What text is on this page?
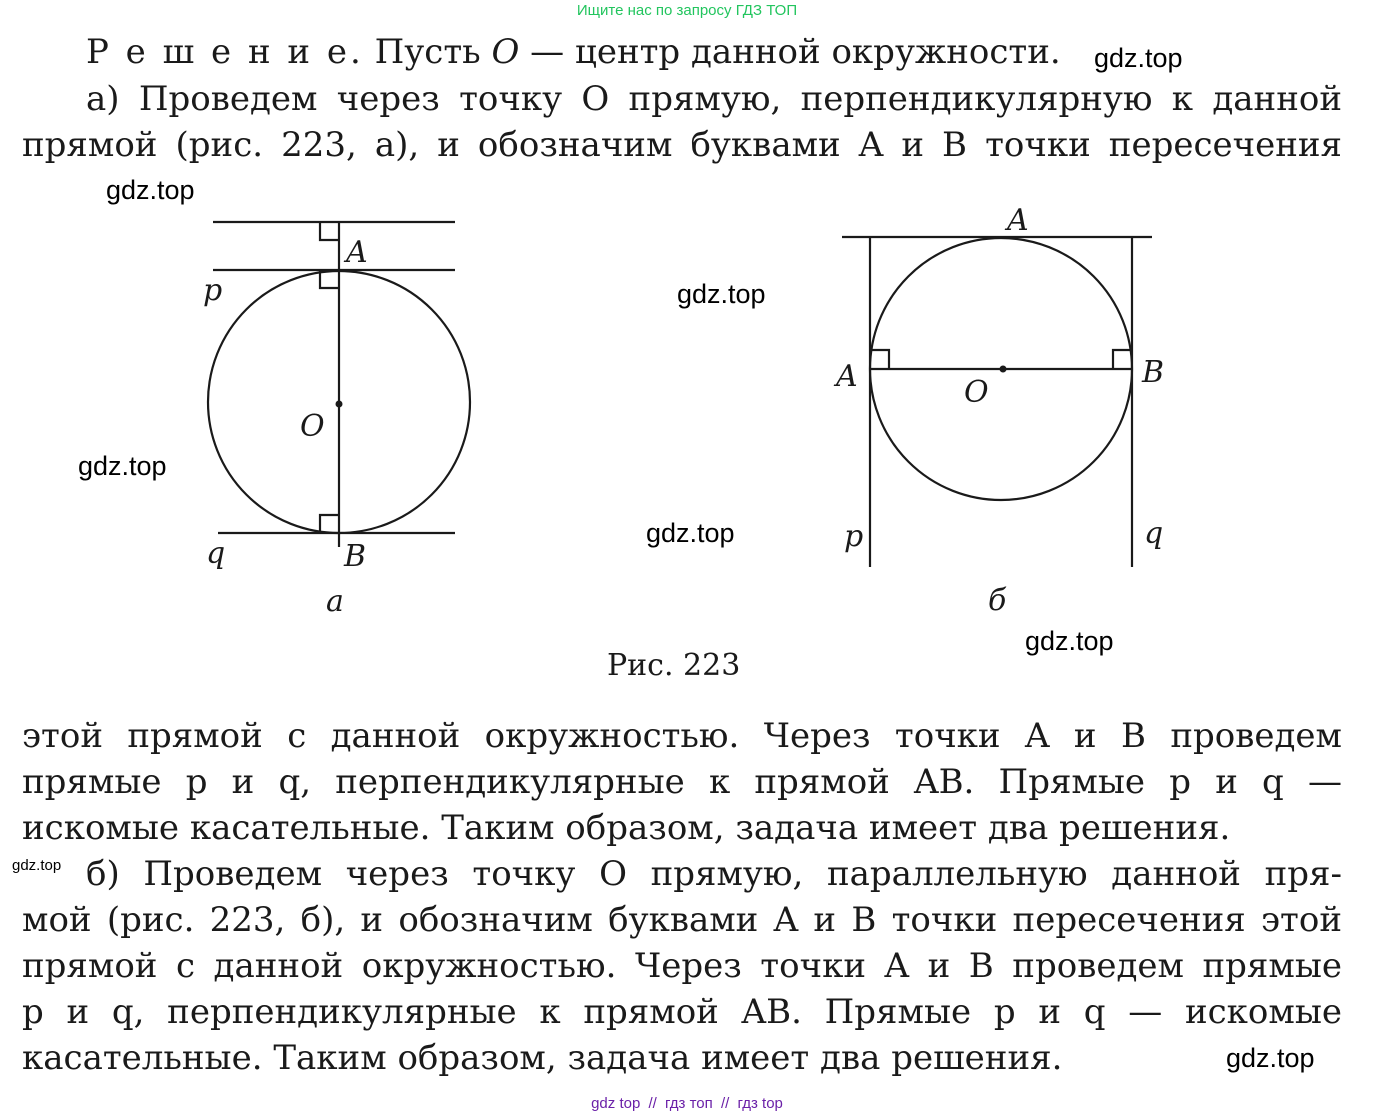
Ищите нас по запросу ГДЗ ТОП
Р е ш е н и е. Пусть O — центр данной окружности.
а) Проведем через точку O прямую, перпендикулярную к данной
прямой (рис. 223, а), и обозначим буквами A и B точки пересечения
A
p
O
q	B
а
A
A	O
B
p	q
б
Рис. 223
gdz.top
gdz.top
gdz.top
gdz.top
gdz.top
gdz.top
gdz.top
gdz.top
этой прямой с данной окружностью. Через точки A и B проведем
прямые p и q, перпендикулярные к прямой AB. Прямые p и q —
искомые касательные. Таким образом, задача имеет два решения.
б) Проведем через точку O прямую, параллельную данной пря-
мой (рис. 223, б), и обозначим буквами A и B точки пересечения этой
прямой с данной окружностью. Через точки A и B проведем прямые
p и q, перпендикулярные к прямой AB. Прямые p и q — искомые
касательные. Таким образом, задача имеет два решения.
gdz top // гдз топ // гдз top
